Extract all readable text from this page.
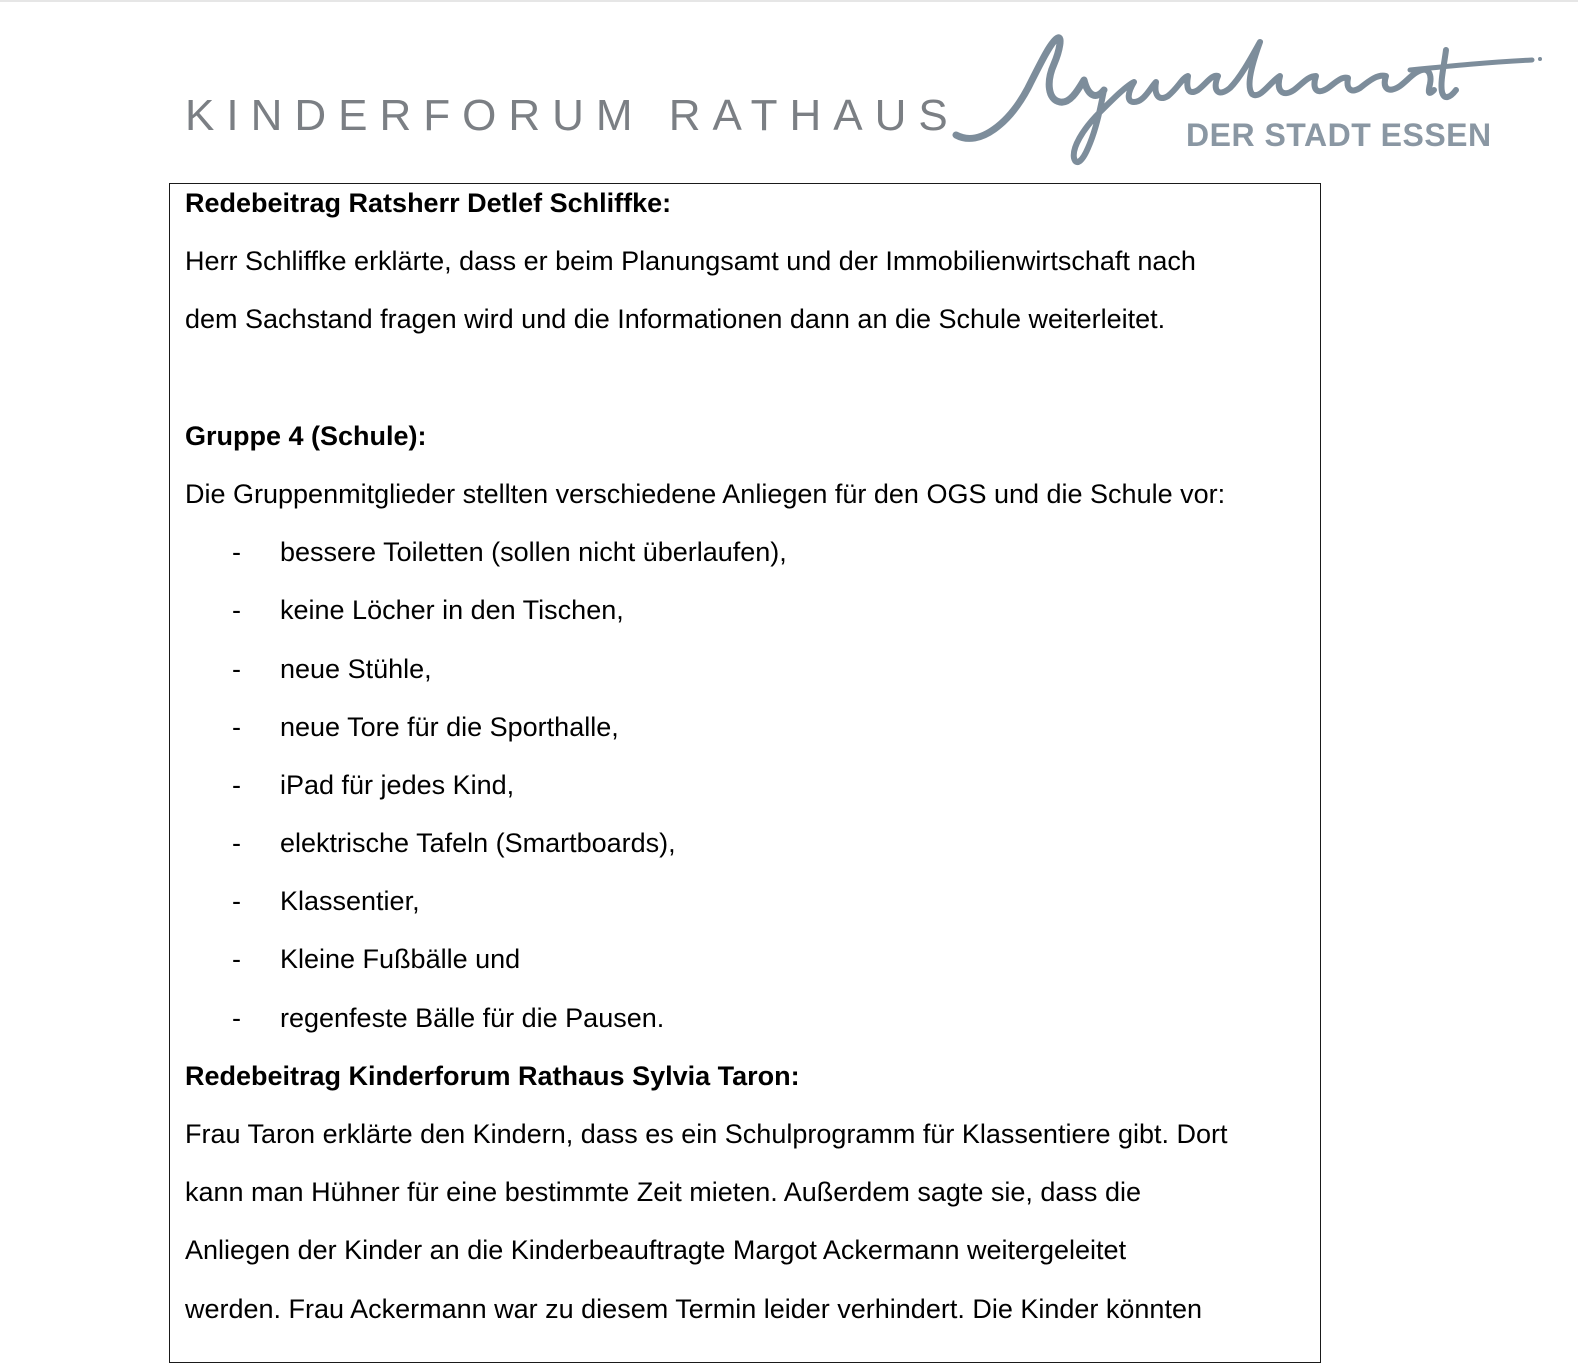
KINDERFORUM RATHAUS	DER STADT ESSEN
Redebeitrag Ratsherr Detlef Schliffke:
Herr Schliffke erklärte, dass er beim Planungsamt und der Immobilienwirtschaft nach
dem Sachstand fragen wird und die Informationen dann an die Schule weiterleitet.
Gruppe 4 (Schule):
Die Gruppenmitglieder stellten verschiedene Anliegen für den OGS und die Schule vor:
- bessere Toiletten (sollen nicht überlaufen),
- keine Löcher in den Tischen,
- neue Stühle,
- neue Tore für die Sporthalle,
- iPad für jedes Kind,
- elektrische Tafeln (Smartboards),
- Klassentier,
- Kleine Fußbälle und
- regenfeste Bälle für die Pausen.
Redebeitrag Kinderforum Rathaus Sylvia Taron:
Frau Taron erklärte den Kindern, dass es ein Schulprogramm für Klassentiere gibt. Dort
kann man Hühner für eine bestimmte Zeit mieten. Außerdem sagte sie, dass die
Anliegen der Kinder an die Kinderbeauftragte Margot Ackermann weitergeleitet
werden. Frau Ackermann war zu diesem Termin leider verhindert. Die Kinder könnten
